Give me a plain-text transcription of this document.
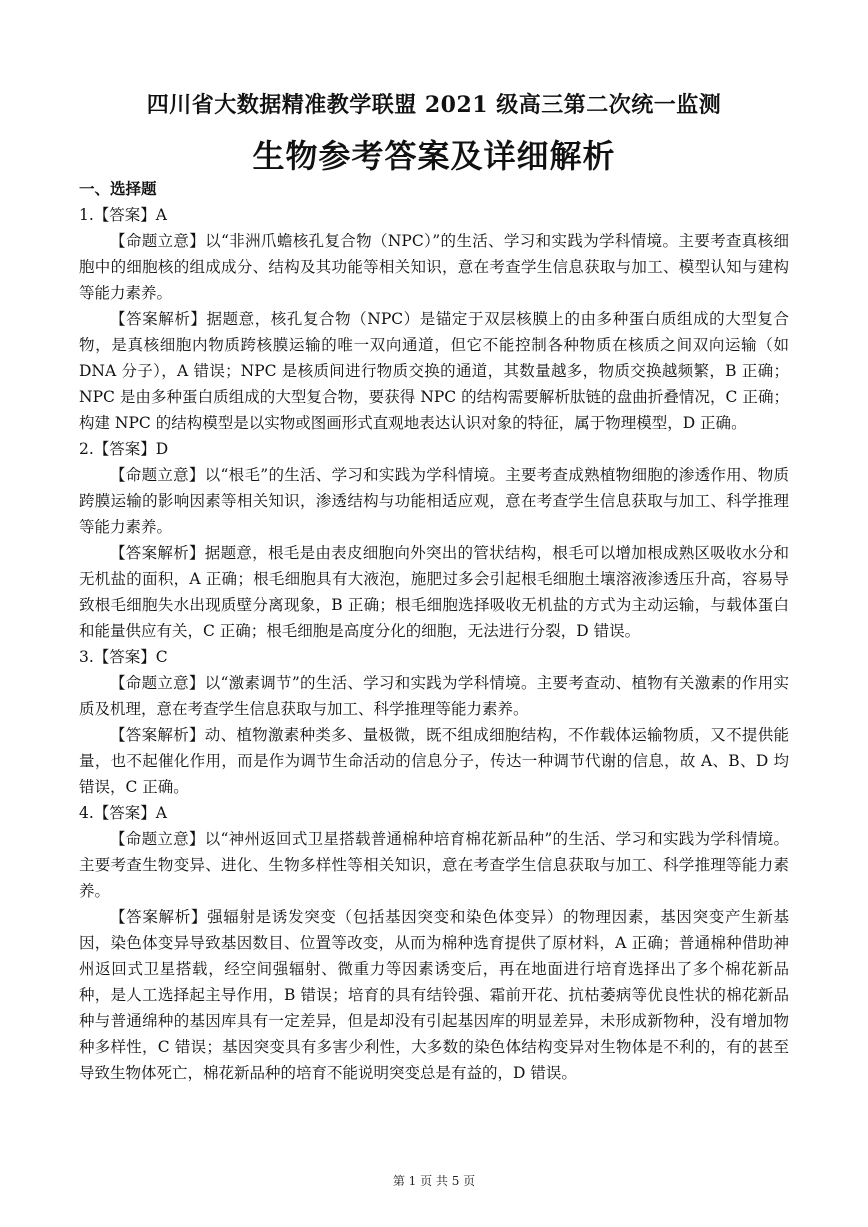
四川省大数据精准教学联盟 2021 级高三第二次统一监测
生物参考答案及详细解析
一、选择题
1.【答案】A
【命题立意】以“非洲爪蟾核孔复合物（NPC）”的生活、学习和实践为学科情境。主要考查真核细胞中的细胞核的组成成分、结构及其功能等相关知识，意在考查学生信息获取与加工、模型认知与建构等能力素养。
【答案解析】据题意，核孔复合物（NPC）是锚定于双层核膜上的由多种蛋白质组成的大型复合物，是真核细胞内物质跨核膜运输的唯一双向通道，但它不能控制各种物质在核质之间双向运输（如 DNA 分子），A 错误；NPC 是核质间进行物质交换的通道，其数量越多，物质交换越频繁，B 正确；NPC 是由多种蛋白质组成的大型复合物，要获得 NPC 的结构需要解析肽链的盘曲折叠情况，C 正确；构建 NPC 的结构模型是以实物或图画形式直观地表达认识对象的特征，属于物理模型，D 正确。
2.【答案】D
【命题立意】以“根毛”的生活、学习和实践为学科情境。主要考查成熟植物细胞的渗透作用、物质跨膜运输的影响因素等相关知识，渗透结构与功能相适应观，意在考查学生信息获取与加工、科学推理等能力素养。
【答案解析】据题意，根毛是由表皮细胞向外突出的管状结构，根毛可以增加根成熟区吸收水分和无机盐的面积，A 正确；根毛细胞具有大液泡，施肥过多会引起根毛细胞土壤溶液渗透压升高，容易导致根毛细胞失水出现质壁分离现象，B 正确；根毛细胞选择吸收无机盐的方式为主动运输，与载体蛋白和能量供应有关，C 正确；根毛细胞是高度分化的细胞，无法进行分裂，D 错误。
3.【答案】C
【命题立意】以“激素调节”的生活、学习和实践为学科情境。主要考查动、植物有关激素的作用实质及机理，意在考查学生信息获取与加工、科学推理等能力素养。
【答案解析】动、植物激素种类多、量极微，既不组成细胞结构，不作载体运输物质，又不提供能量，也不起催化作用，而是作为调节生命活动的信息分子，传达一种调节代谢的信息，故 A、B、D 均错误，C 正确。
4.【答案】A
【命题立意】以“神州返回式卫星搭载普通棉种培育棉花新品种”的生活、学习和实践为学科情境。主要考查生物变异、进化、生物多样性等相关知识，意在考查学生信息获取与加工、科学推理等能力素养。
【答案解析】强辐射是诱发突变（包括基因突变和染色体变异）的物理因素，基因突变产生新基因，染色体变异导致基因数目、位置等改变，从而为棉种选育提供了原材料，A 正确；普通棉种借助神州返回式卫星搭载，经空间强辐射、微重力等因素诱变后，再在地面进行培育选择出了多个棉花新品种，是人工选择起主导作用，B 错误；培育的具有结铃强、霜前开花、抗枯萎病等优良性状的棉花新品种与普通绵种的基因库具有一定差异，但是却没有引起基因库的明显差异，未形成新物种，没有增加物种多样性，C 错误；基因突变具有多害少利性，大多数的染色体结构变异对生物体是不利的，有的甚至导致生物体死亡，棉花新品种的培育不能说明突变总是有益的，D 错误。
第 1 页 共 5 页
